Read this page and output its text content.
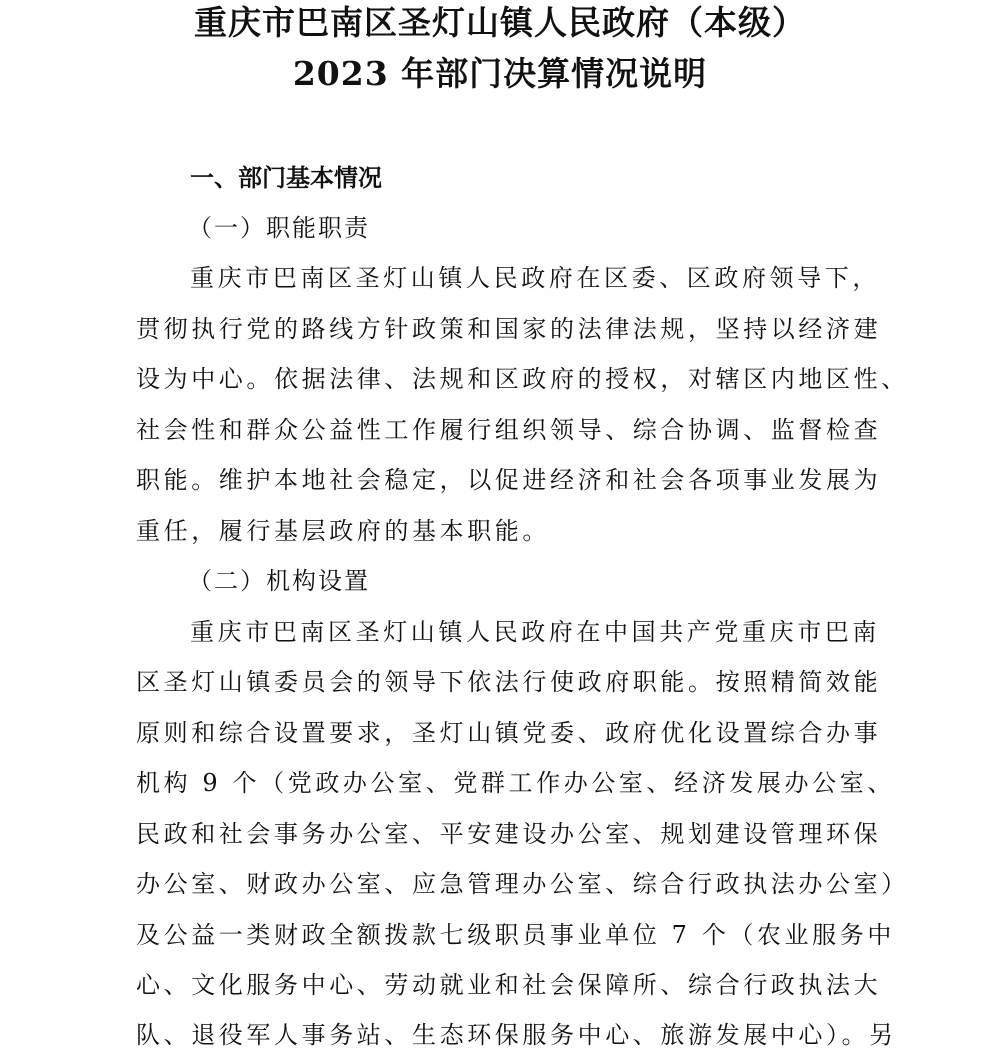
重庆市巴南区圣灯山镇人民政府（本级）
2023 年部门决算情况说明
一、部门基本情况
（一）职能职责
重庆市巴南区圣灯山镇人民政府在区委、区政府领导下，
贯彻执行党的路线方针政策和国家的法律法规，坚持以经济建
设为中心。依据法律、法规和区政府的授权，对辖区内地区性、
社会性和群众公益性工作履行组织领导、综合协调、监督检查
职能。维护本地社会稳定，以促进经济和社会各项事业发展为
重任，履行基层政府的基本职能。
（二）机构设置
重庆市巴南区圣灯山镇人民政府在中国共产党重庆市巴南
区圣灯山镇委员会的领导下依法行使政府职能。按照精简效能
原则和综合设置要求，圣灯山镇党委、政府优化设置综合办事
机构 9 个（党政办公室、党群工作办公室、经济发展办公室、
民政和社会事务办公室、平安建设办公室、规划建设管理环保
办公室、财政办公室、应急管理办公室、综合行政执法办公室）
及公益一类财政全额拨款七级职员事业单位 7 个（农业服务中
心、文化服务中心、劳动就业和社会保障所、综合行政执法大
队、退役军人事务站、生态环保服务中心、旅游发展中心）。另
